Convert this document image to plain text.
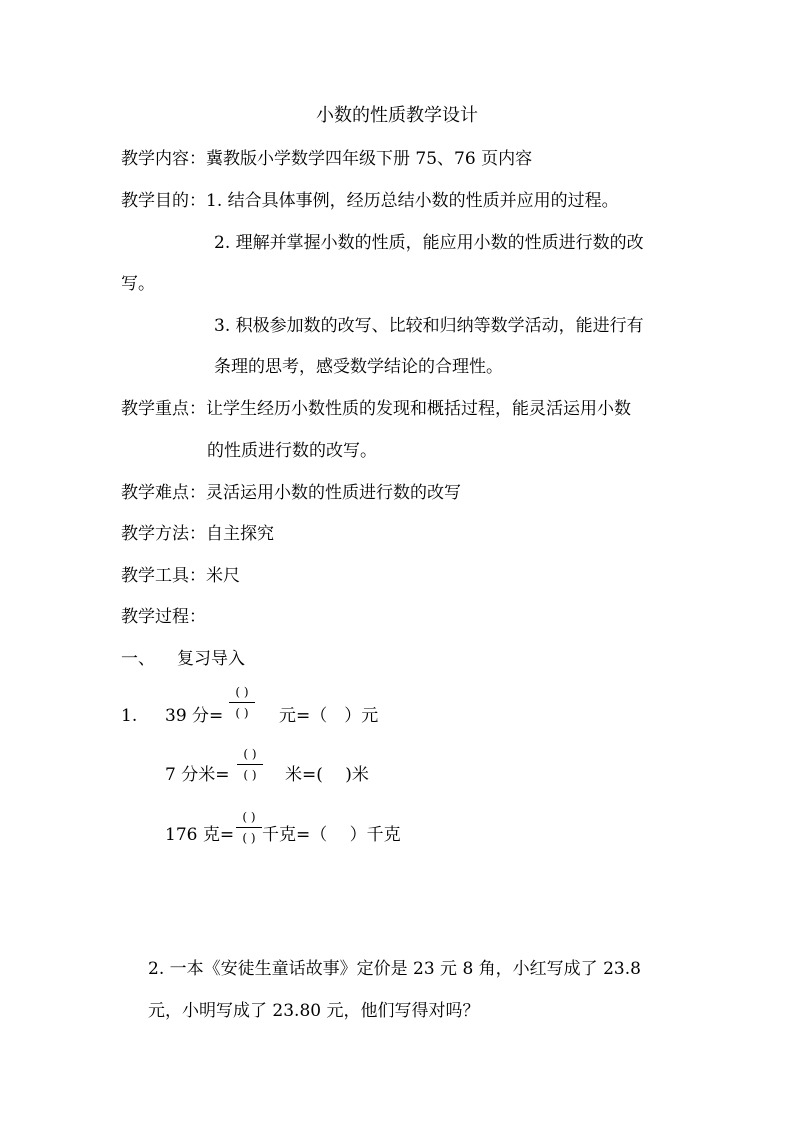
小数的性质教学设计
教学内容：冀教版小学数学四年级下册 75、76 页内容
教学目的：1. 结合具体事例，经历总结小数的性质并应用的过程。
2. 理解并掌握小数的性质，能应用小数的性质进行数的改
写。
3. 积极参加数的改写、比较和归纳等数学活动，能进行有
条理的思考，感受数学结论的合理性。
教学重点：让学生经历小数性质的发现和概括过程，能灵活运用小数
的性质进行数的改写。
教学难点：灵活运用小数的性质进行数的改写
教学方法：自主探究
教学工具：米尺
教学过程：
一、 复习导入
1. 39 分=
( )
( )	元=（　）元
7 分米=
( )
( )	米=(　 )米
176 克=
( )
( ) 千克=（　 ）千克
2. 一本《安徒生童话故事》定价是 23 元 8 角，小红写成了 23.8
元，小明写成了 23.80 元，他们写得对吗？
